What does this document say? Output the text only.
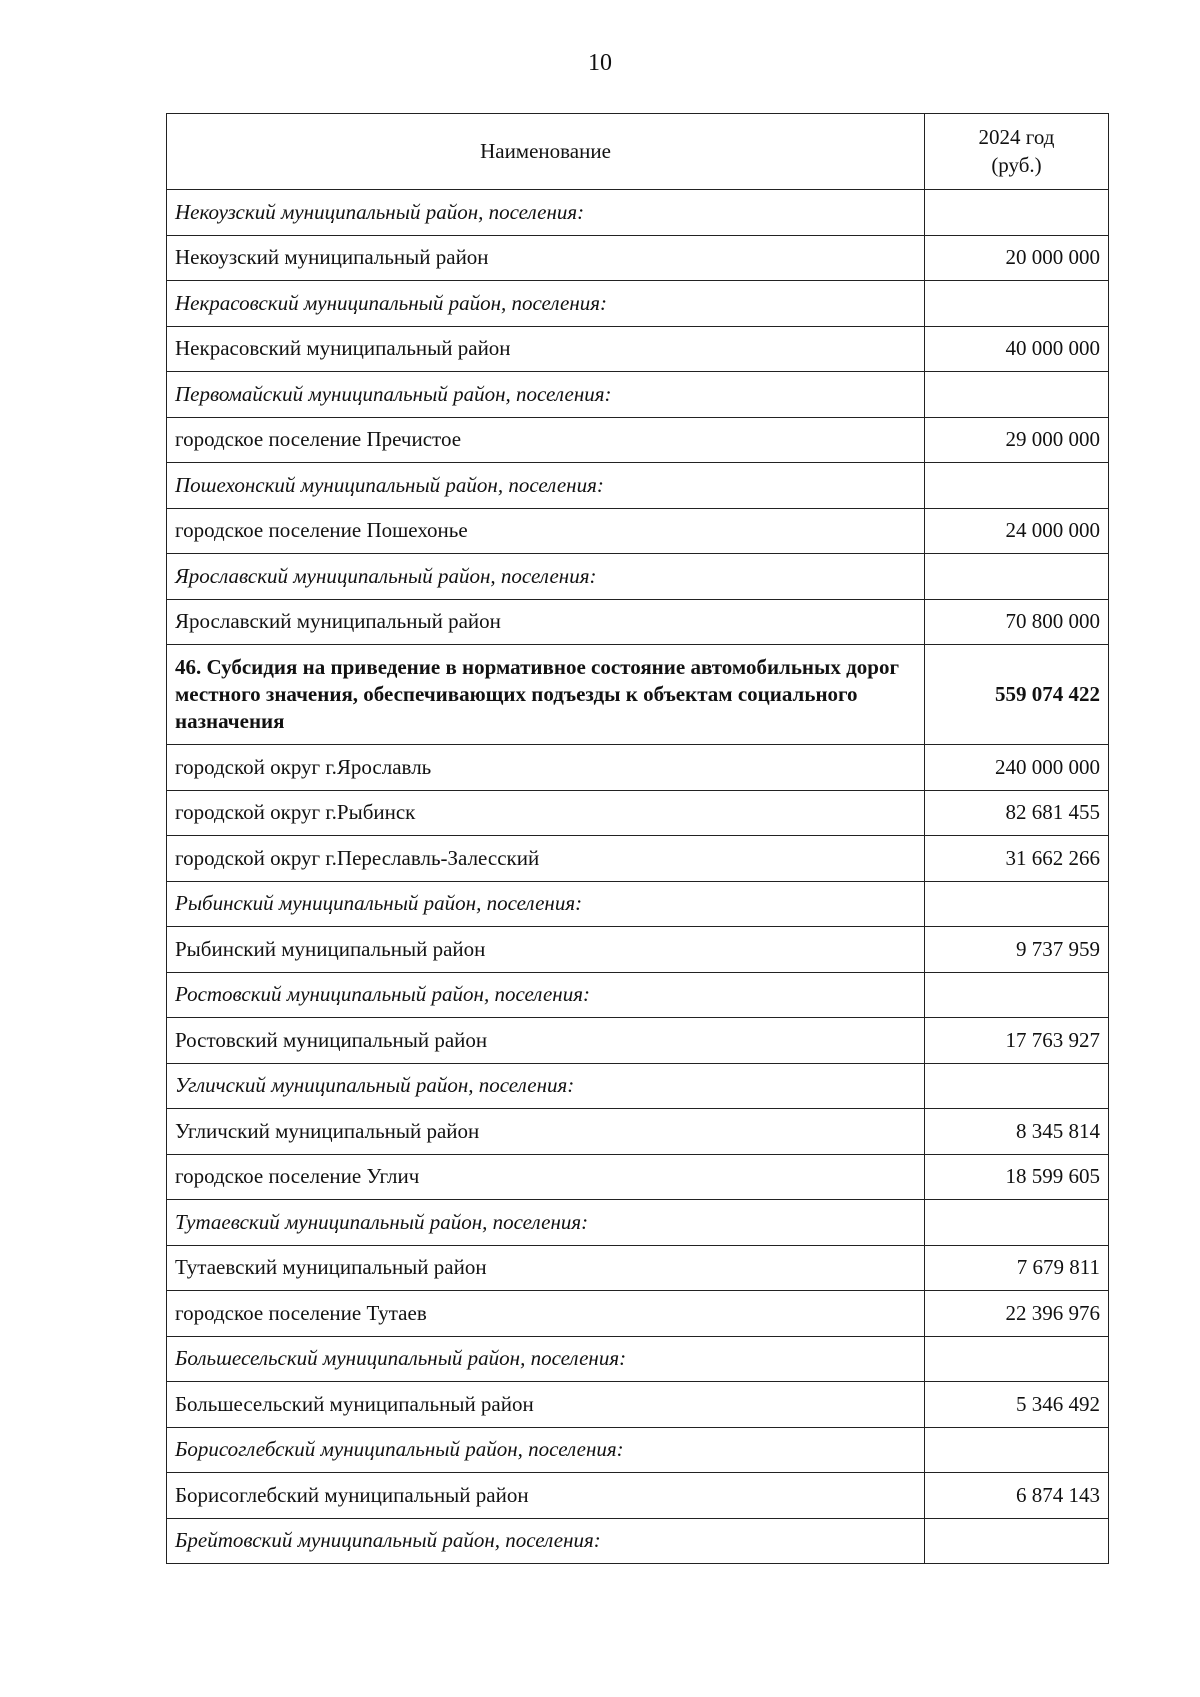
10
Наименование	2024 год
(руб.)

Некоузский муниципальный район, поселения:	
Некоузский муниципальный район	20 000 000
Некрасовский муниципальный район, поселения:	
Некрасовский муниципальный район	40 000 000
Первомайский муниципальный район, поселения:	
городское поселение Пречистое	29 000 000
Пошехонский муниципальный район, поселения:	
городское поселение Пошехонье	24 000 000
Ярославский муниципальный район, поселения:	
Ярославский муниципальный район	70 800 000
46. Субсидия на приведение в нормативное состояние автомобильных дорог местного значения, обеспечивающих подъезды к объектам социального назначения	559 074 422
городской округ г.Ярославль	240 000 000
городской округ г.Рыбинск	82 681 455
городской округ г.Переславль-Залесский	31 662 266
Рыбинский муниципальный район, поселения:	
Рыбинский муниципальный район	9 737 959
Ростовский муниципальный район, поселения:	
Ростовский муниципальный район	17 763 927
Угличский муниципальный район, поселения:	
Угличский муниципальный район	8 345 814
городское поселение Углич	18 599 605
Тутаевский муниципальный район, поселения:	
Тутаевский муниципальный район	7 679 811
городское поселение Тутаев	22 396 976
Большесельский муниципальный район, поселения:	
Большесельский муниципальный район	5 346 492
Борисоглебский муниципальный район, поселения:	
Борисоглебский муниципальный район	6 874 143
Брейтовский муниципальный район, поселения:	
